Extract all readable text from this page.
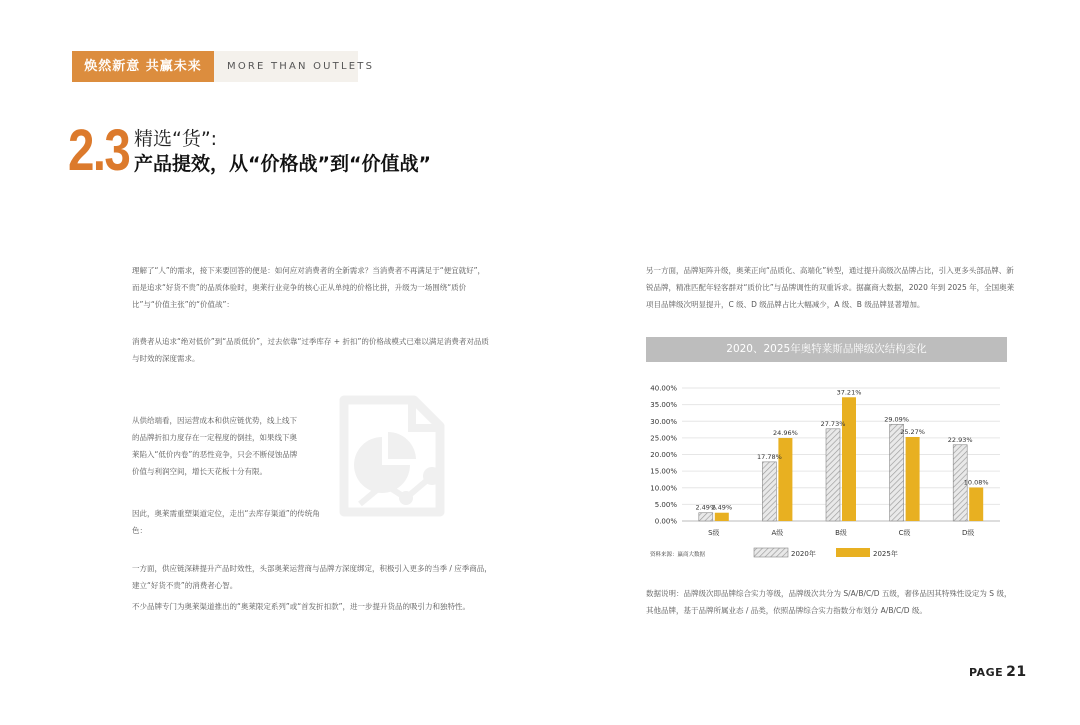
焕然新意 共赢未来	MORE THAN OUTLETS
2.3 精选“货”:
产品提效，从“价格战”到“价值战”
理解了“人”的需求，接下来要回答的便是：如何应对消费者的全新需求？当消费者不再满足于“便宜就好”，而是追求“好货不贵”的品质体验时，奥莱行业竞争的核心正从单纯的价格比拼，升级为一场围绕“质价比”与“价值主张”的“价值战”：
消费者从追求“绝对低价”到“品质低价”，过去依靠“过季库存 + 折扣”的价格战模式已难以满足消费者对品质与时效的深度需求。
从供给端看，因运营成本和供应链优势，线上线下的品牌折扣力度存在一定程度的倒挂，如果线下奥莱陷入“低价内卷”的恶性竞争，只会不断侵蚀品牌价值与利润空间，增长天花板十分有限。
因此，奥莱需重塑渠道定位，走出“去库存渠道”的传统角色：
一方面，供应链深耕提升产品时效性，头部奥莱运营商与品牌方深度绑定，积极引入更多的当季 / 应季商品，建立“好货不贵”的消费者心智。
不少品牌专门为奥莱渠道推出的“奥莱限定系列”或“首发折扣款”，进一步提升货品的吸引力和独特性。
另一方面，品牌矩阵升级，奥莱正向“品质化、高端化”转型，通过提升高级次品牌占比，引入更多头部品牌、新锐品牌，精准匹配年轻客群对“质价比”与品牌调性的双重诉求。据赢商大数据，2020 年到 2025 年，全国奥莱项目品牌级次明显提升，C 级、D 级品牌占比大幅减少，A 级、B 级品牌显著增加。
2020、2025年奥特莱斯品牌级次结构变化
0.00%
5.00%
10.00%
15.00%
20.00%
25.00%
30.00%
35.00%
40.00%
2.49%
2.49%
17.78%
24.96%
27.73%
37.21%
29.09%
25.27%
22.93%
10.08%
S级	A级	B级	C级	D级
资料来源：赢商大数据	2020年	2025年
数据说明：品牌级次即品牌综合实力等级，品牌级次共分为 S/A/B/C/D 五级，奢侈品因其特殊性设定为 S 级，其他品牌，基于品牌所属业态 / 品类，依照品牌综合实力指数分布划分 A/B/C/D 级。
PAGE 21
